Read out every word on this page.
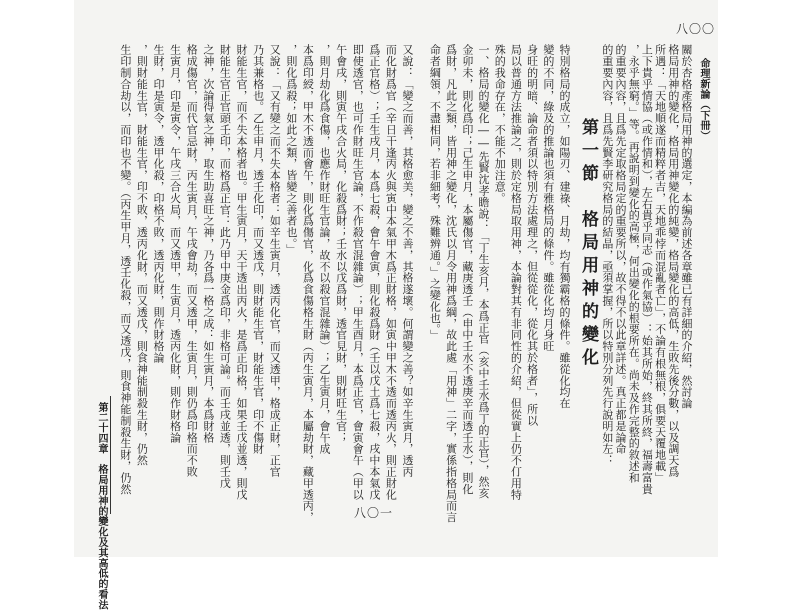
八〇〇
命理新論（下冊）
關於杏格產格局用神的選定，本編為前述各章雖已有詳細的介紹，然討論
格局用神的變化，格局用神變化的純變，格局變化的高低，生敗先後分數，以及調天爲
所遇：「天地順遂而精粹者吉，天地乖悖而混亂者亡」，不論有根無根，俱要天覆地載」
上下貴乎情協（或作情和），左右貴乎同志（或作氣協）：始其所始，終其所終，福壽富貴
，永乎無窮。」等。再說明到變化的高極，何出變化的根要所在。尚未及作完整的敘述和
的重要內容，且爲先定取格局定的重要所以，故不得不以此章詳述。真正都是論命
的重要內容，且爲先賢李研究格局的結晶，亟須掌握，所以特別分列先行說明如左：
第一節　格局用神的變化
特別格局的成立，如陽刃、建祿、月劫，均有獨霸格的條件。雖從化均在
變的不同，綠及的推論也須有雅格局的條件。雖從化均月身旺
身旺的明暗、論命者須以特別方法處理之，但從從化，從化其於格者」，所以
局以普通方法推論之，則於定格局取用神，本論對其有非同性的介紹，但從實上仍不仃用特
殊的我命存在，不能不加注意。
一、格局的變化――先賢沈孝瞻說：「丁生亥月，本爲正官（亥中壬水爲丁的正官），然亥
金卯未，則化爲印；己生申月，本屬傷官，藏庚透壬（申中壬水不透庚辛而透壬水），則化
爲財，凡此之類，皆用神之變化，沈氏以月令用神爲綱，故此處「用神」二字，實係指格局而言
命者綱領，不盡相同，若非細考，殊難辨通。」之變化也。」
八〇一
又說：「變之而善，其格愈美，變之不善，其格遂壞。何謂變之善？如辛生寅月，透丙
而化財爲官（辛日干逢丙火與寅中本氣甲木爲正財格，如寅中甲木不透而透丙火，則正財化
爲正官格）；壬生戌月，本爲七殺，會午會寅，則化殺爲財（壬以戊土爲七殺，戌中本氣戊
即使透官，也可作財旺生官論，不作殺官混雜論）；甲生酉月，本爲正官，會寅會午（甲以
午會戌，則寅午戌合火局，化殺爲財；壬水以戊爲財，透官見財，則財旺生官；
，則月劫化爲食傷，也應作財旺生官論，故不以殺官混雜論）；乙生寅月，會午成
本爲印綬，甲木不透而會午，則化爲傷官，化爲食傷格生財（丙生寅月，本屬劫財，藏甲透丙，
，則化爲殺；如此之類，皆變之善者也。」
又說：「又有變之而不失本格者：如辛生寅月，透丙化官，而又透甲，格成正財，正官
乃其兼格也。乙生申月，透壬化印，而又透戊，則財能生官，財能生官，印不傷財
財能生官，而不失本格者也。甲生寅月，天干透出丙火，是爲正印格，如果壬戊並透，則戊
財能生官正官頭壬印，而格爲正官：此乃甲中庚金爲印，非格可論。而壬戌並透，則壬戊
之神，次論得氣之神，取生助喜旺之神，乃各爲一格之成：如生寅月，本爲財格
格成傷官，而代官忌財，丙生寅月，午戌會劫，而又透甲，生寅月，則仍爲印格而不敗
生寅月，印是寅令，午戌三合火局，而又透甲，生寅月，透丙化財，則作財格論
生財，印是寅令，透甲化殺，印格不敗，透丙化財，則作財格論
，則財能生官，財能生官，印不敗，透丙化財，而又透戊，則食神能制殺生財，仍然
生印制合劫以，而印也不變。（丙生甲月，透壬化殺，而又透戊，則食神能制殺生財，仍然
第二十四章　格局用神的變化及其高低的看法
